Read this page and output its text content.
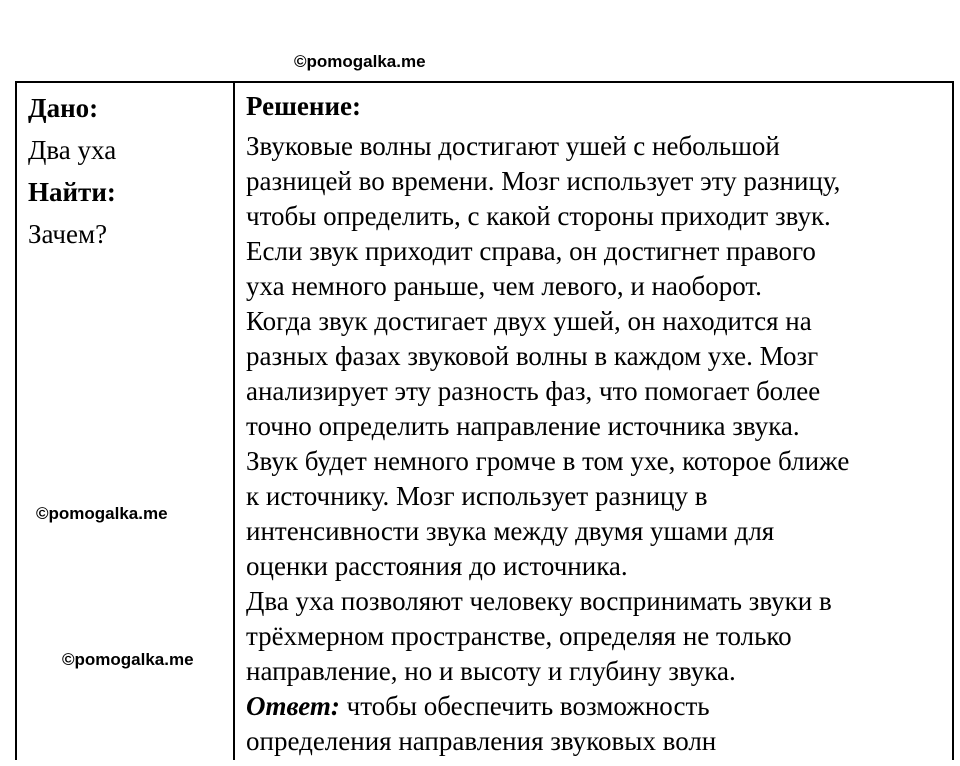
©pomogalka.me
©pomogalka.me
©pomogalka.me
Дано:
Два уха
Найти:
Зачем?
Решение:
Звуковые волны достигают ушей с небольшой
разницей во времени. Мозг использует эту разницу,
чтобы определить, с какой стороны приходит звук.
Если звук приходит справа, он достигнет правого
уха немного раньше, чем левого, и наоборот.
Когда звук достигает двух ушей, он находится на
разных фазах звуковой волны в каждом ухе. Мозг
анализирует эту разность фаз, что помогает более
точно определить направление источника звука.
Звук будет немного громче в том ухе, которое ближе
к источнику. Мозг использует разницу в
интенсивности звука между двумя ушами для
оценки расстояния до источника.
Два уха позволяют человеку воспринимать звуки в
трёхмерном пространстве, определяя не только
направление, но и высоту и глубину звука.
Ответ: чтобы обеспечить возможность
определения направления звуковых волн
